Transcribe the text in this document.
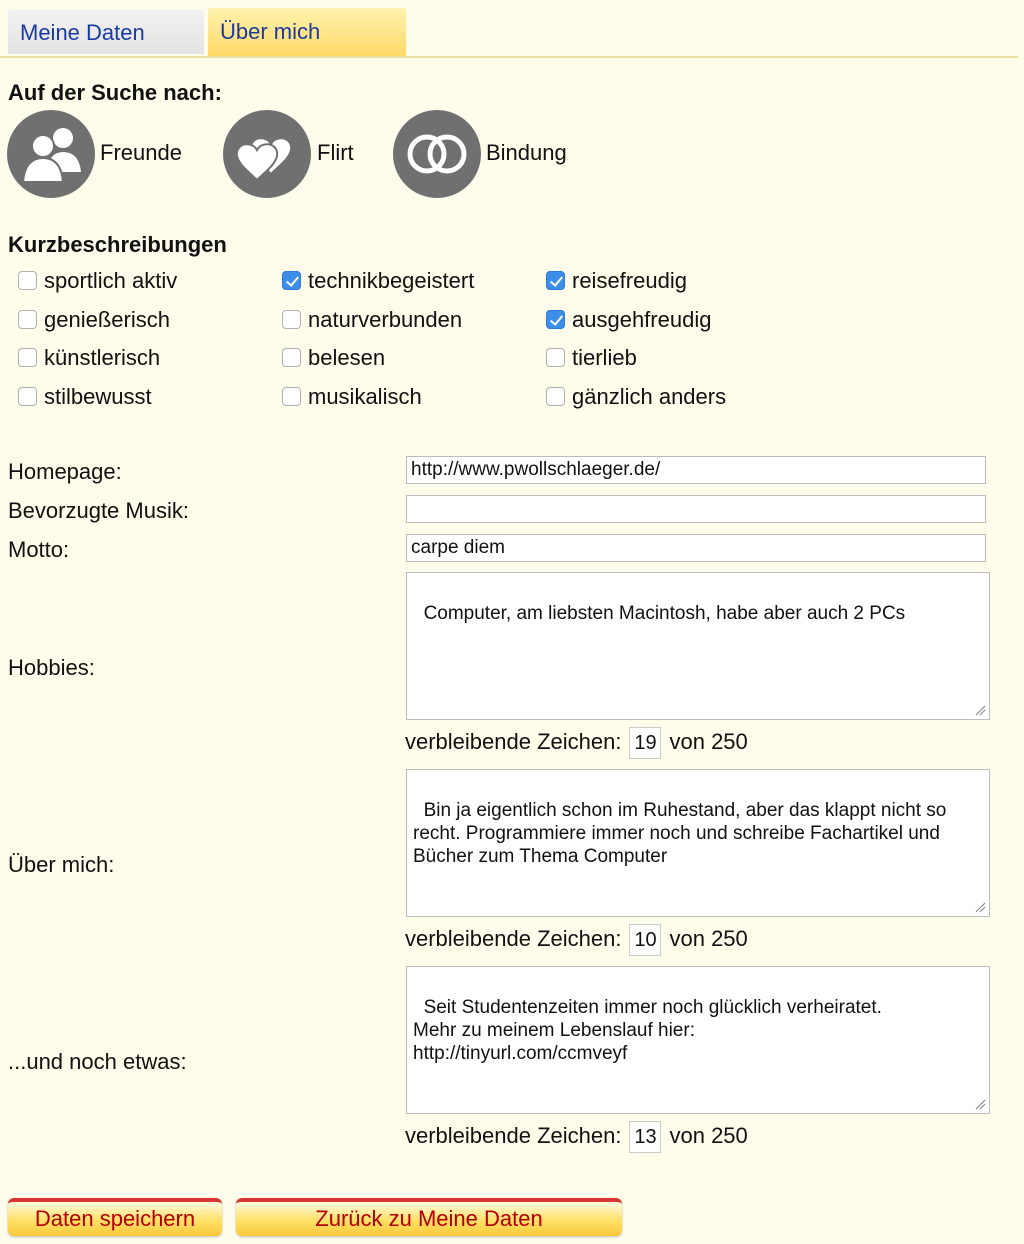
Meine Daten	Über mich
Auf der Suche nach:
Freunde	Flirt	Bindung
Kurzbeschreibungen
sportlich aktiv	technikbegeistert	reisefreudig
genießerisch	naturverbunden	ausgehfreudig
künstlerisch	belesen	tierlieb
stilbewusst	musikalisch	gänzlich anders
Homepage:	http://www.pwollschlaeger.de/
Bevorzugte Musik:
Motto:	carpe diem
Hobbies:

Computer, am liebsten Macintosh, habe aber auch 2 PCs

verbleibende Zeichen: 19 von 250
Über mich:

Bin ja eigentlich schon im Ruhestand, aber das klappt nicht so recht. Programmiere immer noch und schreibe Fachartikel und Bücher zum Thema Computer

verbleibende Zeichen: 10 von 250
...und noch etwas:

Seit Studentenzeiten immer noch glücklich verheiratet.
Mehr zu meinem Lebenslauf hier:
http://tinyurl.com/ccmveyf

verbleibende Zeichen: 13 von 250
Daten speichern	Zurück zu Meine Daten
